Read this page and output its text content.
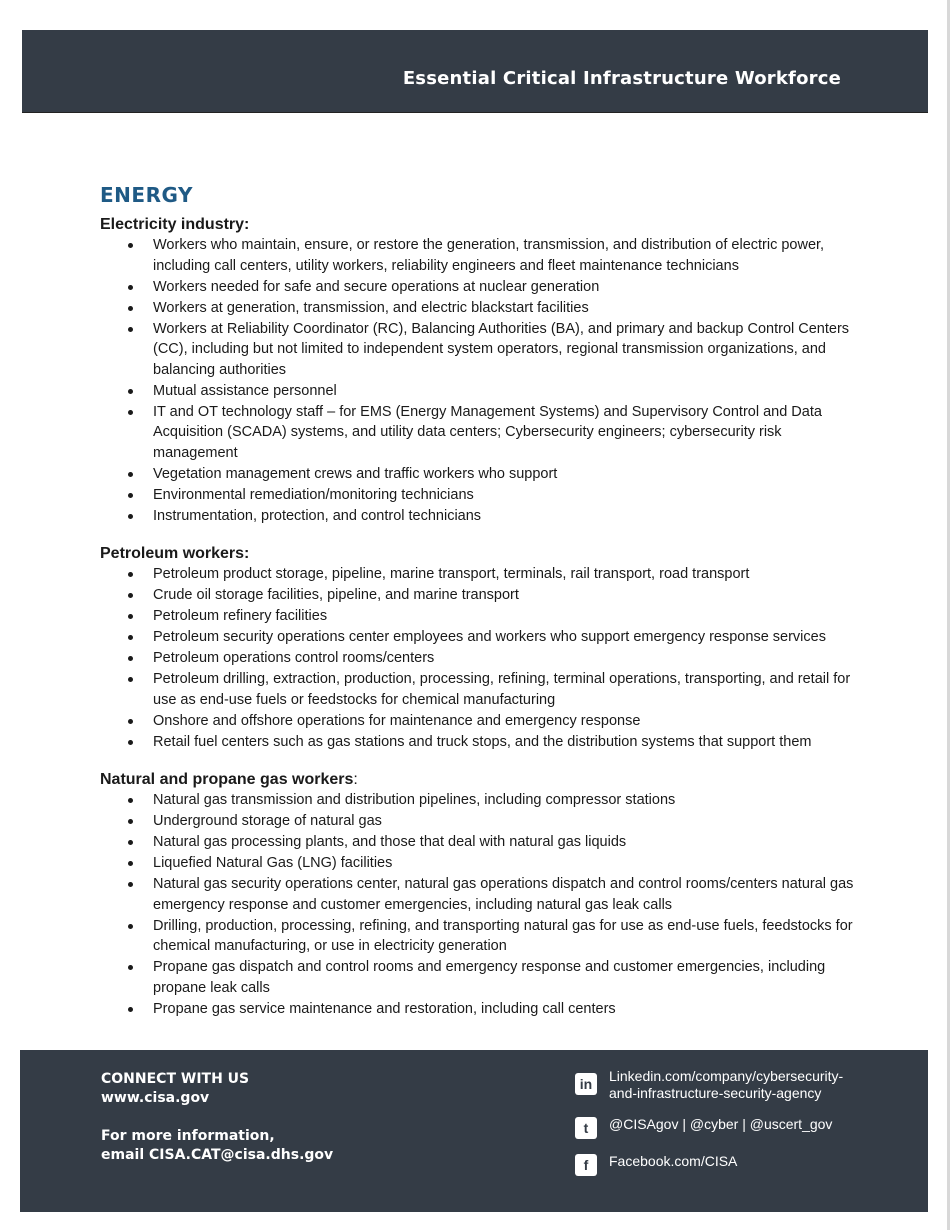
Essential Critical Infrastructure Workforce
ENERGY

Electricity industry:

Workers who maintain, ensure, or restore the generation, transmission, and distribution of electric power, including call centers, utility workers, reliability engineers and fleet maintenance technicians
Workers needed for safe and secure operations at nuclear generation
Workers at generation, transmission, and electric blackstart facilities
Workers at Reliability Coordinator (RC), Balancing Authorities (BA), and primary and backup Control Centers (CC), including but not limited to independent system operators, regional transmission organizations, and balancing authorities
Mutual assistance personnel
IT and OT technology staff – for EMS (Energy Management Systems) and Supervisory Control and Data Acquisition (SCADA) systems, and utility data centers; Cybersecurity engineers; cybersecurity risk management
Vegetation management crews and traffic workers who support
Environmental remediation/monitoring technicians
Instrumentation, protection, and control technicians

Petroleum workers:

Petroleum product storage, pipeline, marine transport, terminals, rail transport, road transport
Crude oil storage facilities, pipeline, and marine transport
Petroleum refinery facilities
Petroleum security operations center employees and workers who support emergency response services
Petroleum operations control rooms/centers
Petroleum drilling, extraction, production, processing, refining, terminal operations, transporting, and retail for use as end-use fuels or feedstocks for chemical manufacturing
Onshore and offshore operations for maintenance and emergency response
Retail fuel centers such as gas stations and truck stops, and the distribution systems that support them

Natural and propane gas workers:

Natural gas transmission and distribution pipelines, including compressor stations
Underground storage of natural gas
Natural gas processing plants, and those that deal with natural gas liquids
Liquefied Natural Gas (LNG) facilities
Natural gas security operations center, natural gas operations dispatch and control rooms/centers natural gas emergency response and customer emergencies, including natural gas leak calls
Drilling, production, processing, refining, and transporting natural gas for use as end-use fuels, feedstocks for chemical manufacturing, or use in electricity generation
Propane gas dispatch and control rooms and emergency response and customer emergencies, including propane leak calls
Propane gas service maintenance and restoration, including call centers
CONNECT WITH US
www.cisa.gov
For more information,
email CISA.CAT@cisa.dhs.gov
in	Linkedin.com/company/cybersecurity-and-infrastructure-security-agency
t	@CISAgov | @cyber | @uscert_gov
f	Facebook.com/CISA
